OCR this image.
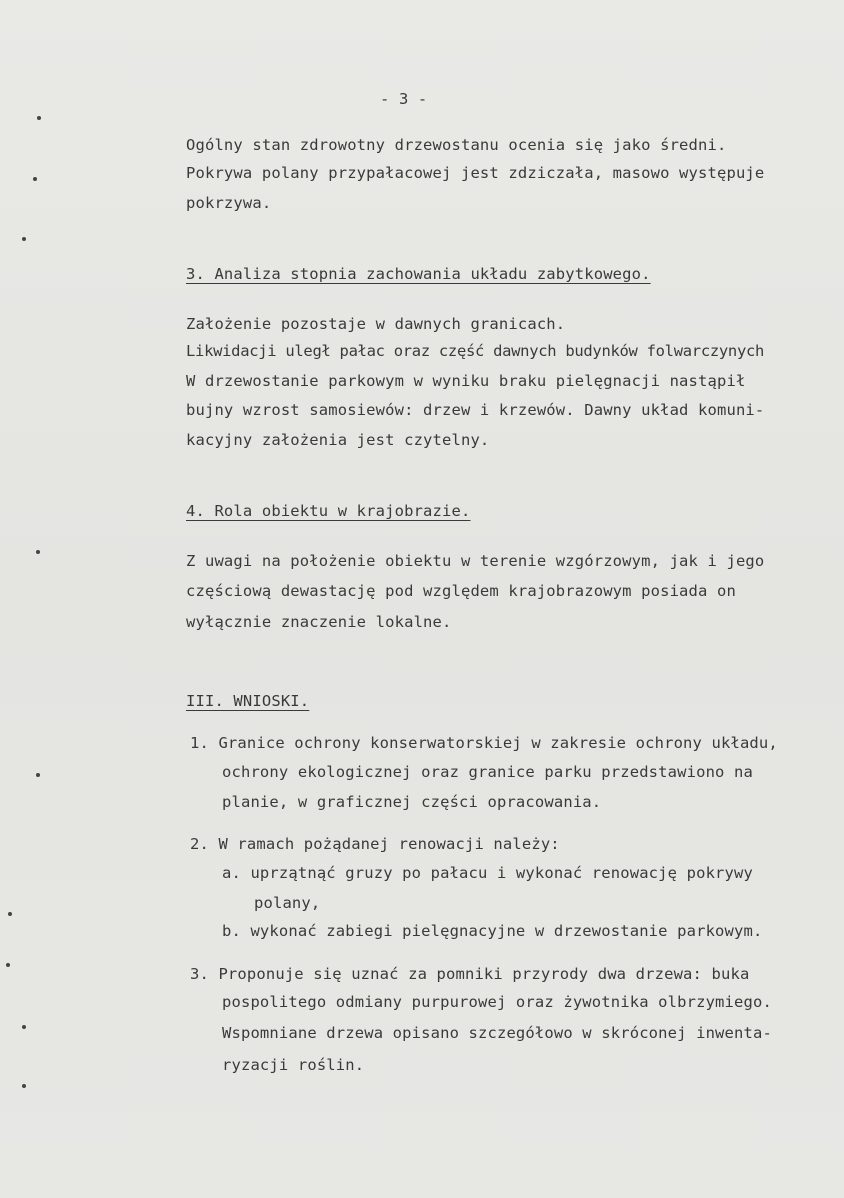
- 3 -
Ogólny stan zdrowotny drzewostanu ocenia się jako średni.
Pokrywa polany przypałacowej jest zdziczała, masowo występuje
pokrzywa.
3. Analiza stopnia zachowania układu zabytkowego.
Założenie pozostaje w dawnych granicach.
Likwidacji uległ pałac oraz część dawnych budynków folwarczynych
W drzewostanie parkowym w wyniku braku pielęgnacji nastąpił
bujny wzrost samosiewów: drzew i krzewów. Dawny układ komuni-
kacyjny założenia jest czytelny.
4. Rola obiektu w krajobrazie.
Z uwagi na położenie obiektu w terenie wzgórzowym, jak i jego
częściową dewastację pod względem krajobrazowym posiada on
wyłącznie znaczenie lokalne.
III. WNIOSKI.
1. Granice ochrony konserwatorskiej w zakresie ochrony układu,
ochrony ekologicznej oraz granice parku przedstawiono na
planie, w graficznej części opracowania.
2. W ramach pożądanej renowacji należy:
a. uprzątnąć gruzy po pałacu i wykonać renowację pokrywy
polany,
b. wykonać zabiegi pielęgnacyjne w drzewostanie parkowym.
3. Proponuje się uznać za pomniki przyrody dwa drzewa: buka
pospolitego odmiany purpurowej oraz żywotnika olbrzymiego.
Wspomniane drzewa opisano szczegółowo w skróconej inwenta-
ryzacji roślin.
